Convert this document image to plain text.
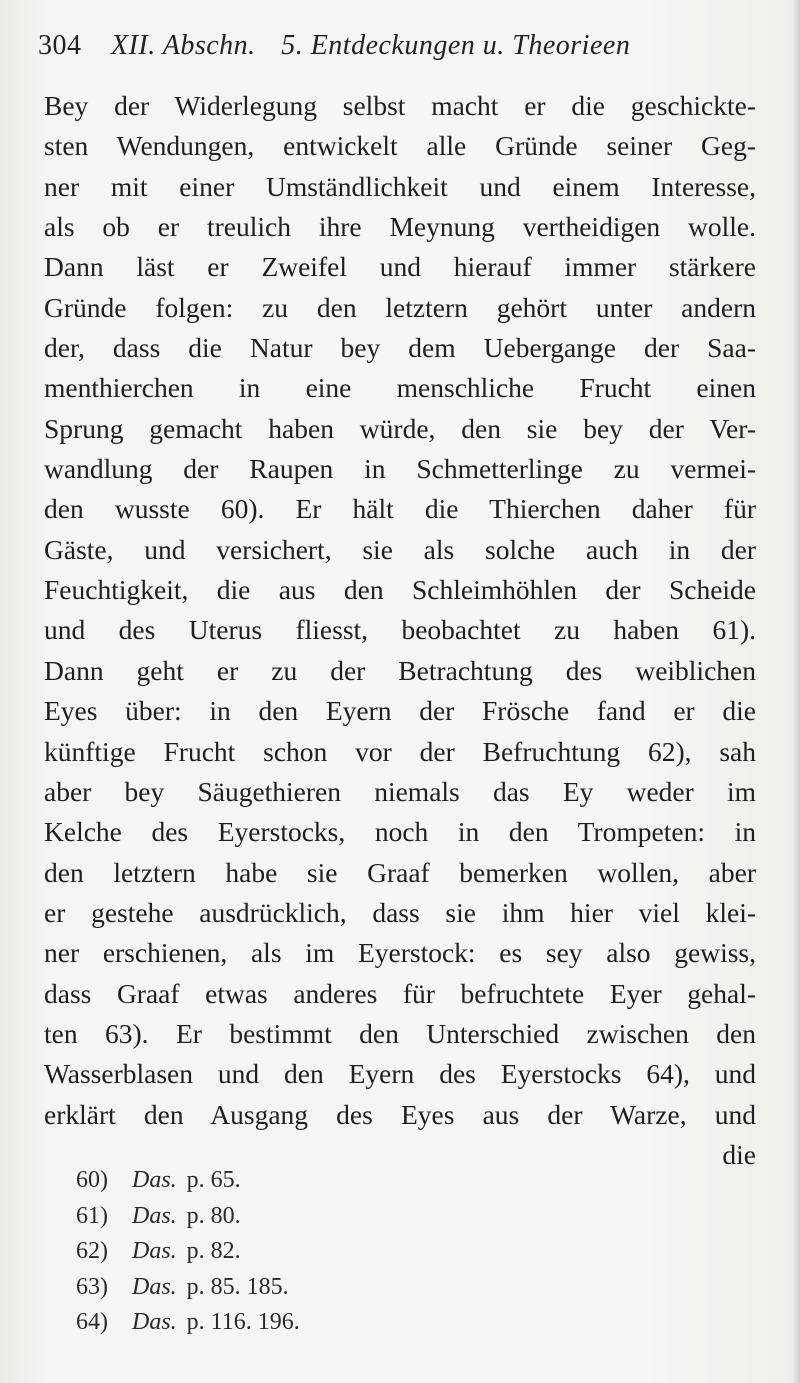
304 XII. Abschn. 5. Entdeckungen u. Theorieen
Bey der Widerlegung selbst macht er die geschickte-
sten Wendungen, entwickelt alle Gründe seiner Geg-
ner mit einer Umständlichkeit und einem Interesse,
als ob er treulich ihre Meynung vertheidigen wolle.
Dann läst er Zweifel und hierauf immer stärkere
Gründe folgen: zu den letztern gehört unter andern
der, dass die Natur bey dem Uebergange der Saa-
menthierchen in eine menschliche Frucht einen
Sprung gemacht haben würde, den sie bey der Ver-
wandlung der Raupen in Schmetterlinge zu vermei-
den wusste 60). Er hält die Thierchen daher für
Gäste, und versichert, sie als solche auch in der
Feuchtigkeit, die aus den Schleimhöhlen der Scheide
und des Uterus fliesst, beobachtet zu haben 61).
Dann geht er zu der Betrachtung des weiblichen
Eyes über: in den Eyern der Frösche fand er die
künftige Frucht schon vor der Befruchtung 62), sah
aber bey Säugethieren niemals das Ey weder im
Kelche des Eyerstocks, noch in den Trompeten: in
den letztern habe sie Graaf bemerken wollen, aber
er gestehe ausdrücklich, dass sie ihm hier viel klei-
ner erschienen, als im Eyerstock: es sey also gewiss,
dass Graaf etwas anderes für befruchtete Eyer gehal-
ten 63). Er bestimmt den Unterschied zwischen den
Wasserblasen und den Eyern des Eyerstocks 64), und
erklärt den Ausgang des Eyes aus der Warze, und
die
60) Das. p. 65.
61) Das. p. 80.
62) Das. p. 82.
63) Das. p. 85. 185.
64) Das. p. 116. 196.
